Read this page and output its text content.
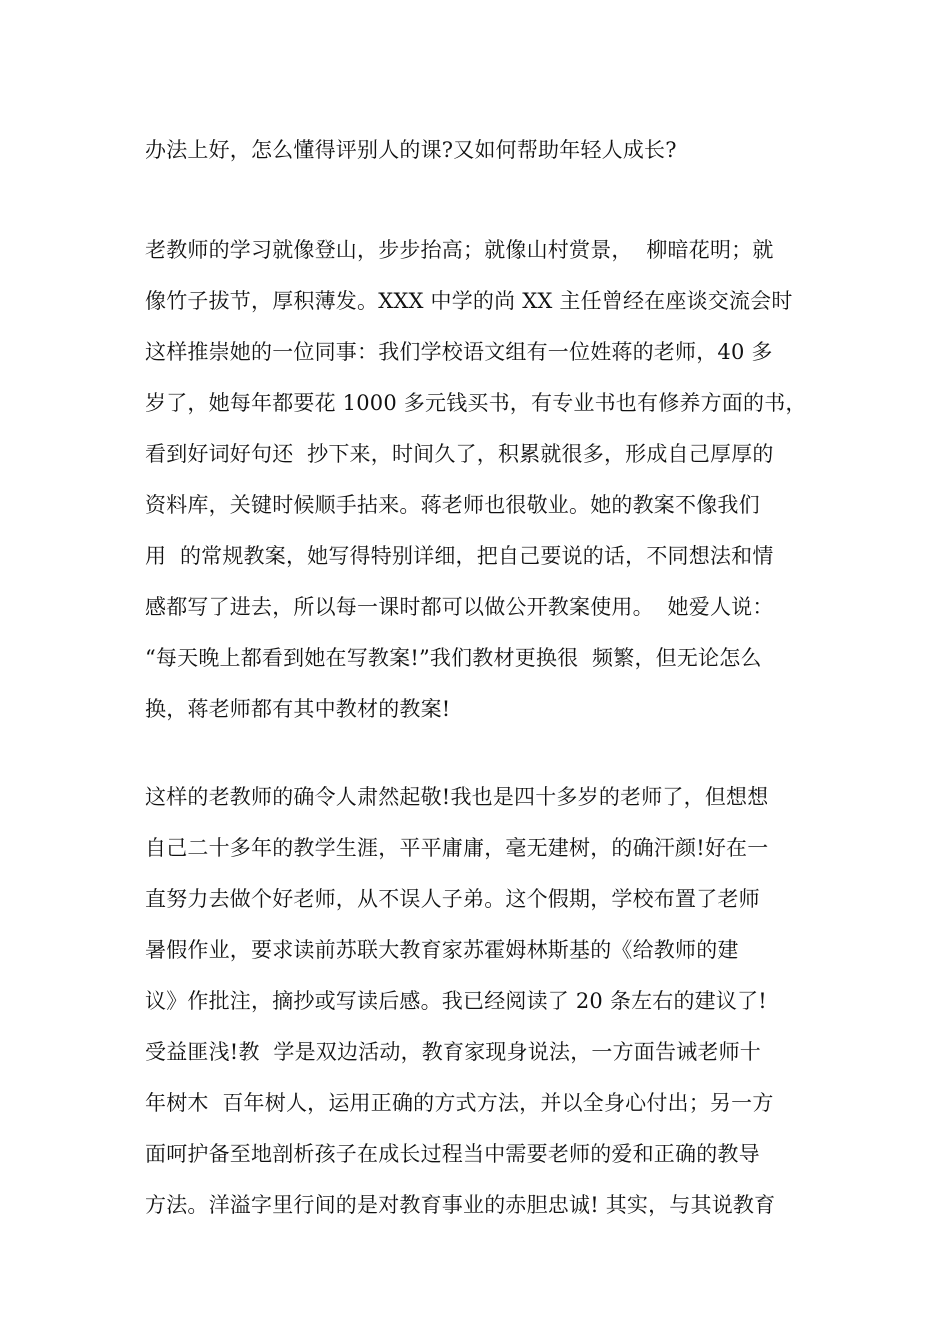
办法上好，怎么懂得评别人的课?又如何帮助年轻人成长?
老教师的学习就像登山，步步抬高；就像山村赏景，  柳暗花明；就
像竹子拔节，厚积薄发。XXX 中学的尚 XX 主任曾经在座谈交流会时
这样推崇她的一位同事：我们学校语文组有一位姓蒋的老师，40 多
岁了，她每年都要花 1000 多元钱买书，有专业书也有修养方面的书，
看到好词好句还  抄下来，时间久了，积累就很多，形成自己厚厚的
资料库，关键时候顺手拈来。蒋老师也很敬业。她的教案不像我们
用  的常规教案，她写得特别详细，把自己要说的话，不同想法和情
感都写了进去，所以每一课时都可以做公开教案使用。  她爱人说：
“每天晚上都看到她在写教案!”我们教材更换很  频繁，但无论怎么
换，蒋老师都有其中教材的教案!
这样的老教师的确令人肃然起敬!我也是四十多岁的老师了，但想想
自己二十多年的教学生涯，平平庸庸，毫无建树，的确汗颜!好在一
直努力去做个好老师，从不误人子弟。这个假期，学校布置了老师
暑假作业，要求读前苏联大教育家苏霍姆林斯基的《给教师的建
议》作批注，摘抄或写读后感。我已经阅读了 20 条左右的建议了!
受益匪浅!教  学是双边活动，教育家现身说法，一方面告诫老师十
年树木  百年树人，运用正确的方式方法，并以全身心付出；另一方
面呵护备至地剖析孩子在成长过程当中需要老师的爱和正确的教导
方法。洋溢字里行间的是对教育事业的赤胆忠诚! 其实，与其说教育
